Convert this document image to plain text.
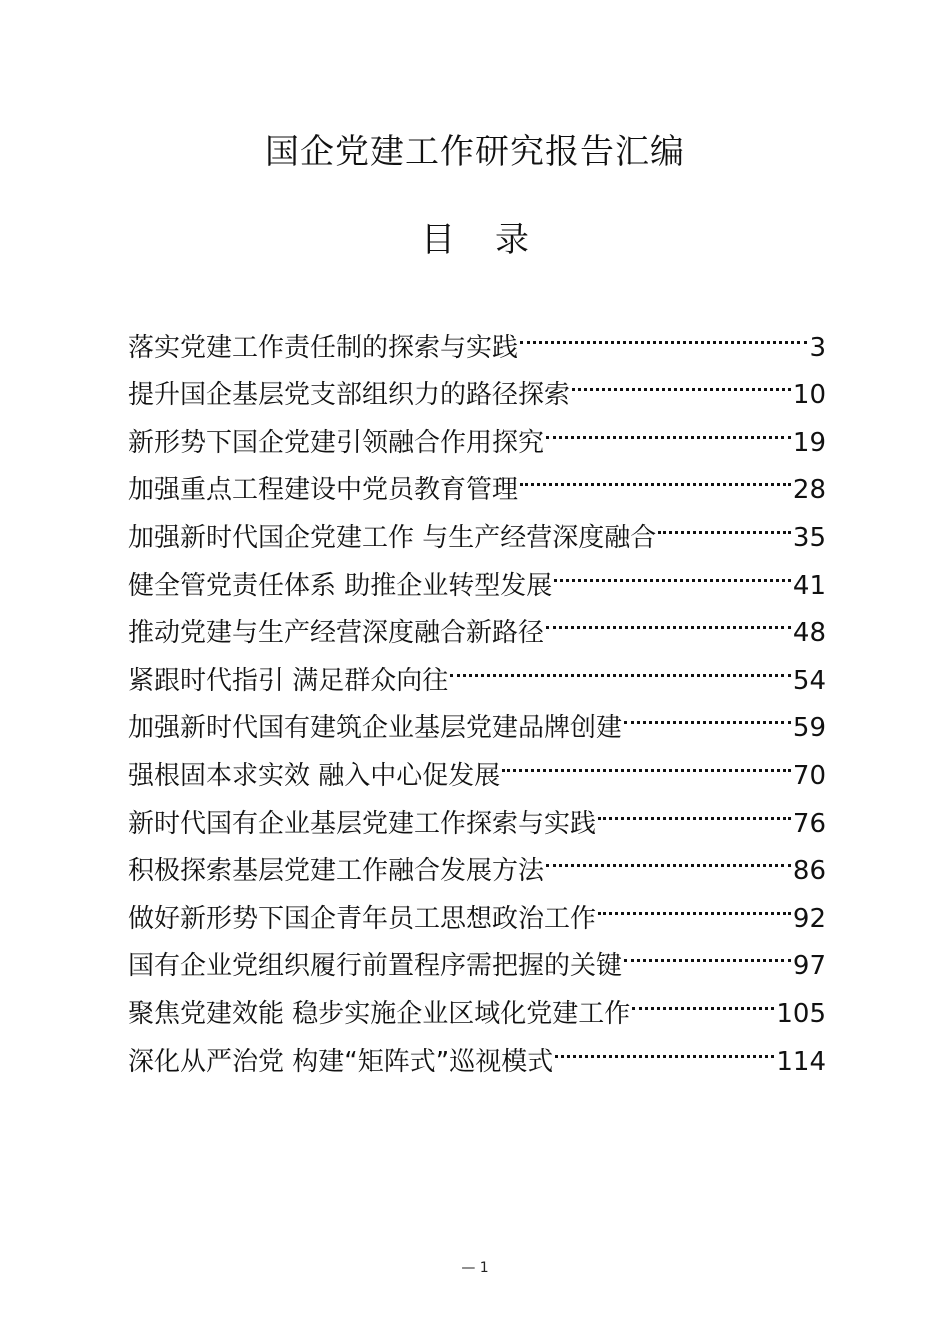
国企党建工作研究报告汇编
目 录
落实党建工作责任制的探索与实践	3
提升国企基层党支部组织力的路径探索	10
新形势下国企党建引领融合作用探究	19
加强重点工程建设中党员教育管理	28
加强新时代国企党建工作 与生产经营深度融合	35
健全管党责任体系 助推企业转型发展	41
推动党建与生产经营深度融合新路径	48
紧跟时代指引 满足群众向往	54
加强新时代国有建筑企业基层党建品牌创建	59
强根固本求实效 融入中心促发展	70
新时代国有企业基层党建工作探索与实践	76
积极探索基层党建工作融合发展方法	86
做好新形势下国企青年员工思想政治工作	92
国有企业党组织履行前置程序需把握的关键	97
聚焦党建效能 稳步实施企业区域化党建工作	105
深化从严治党 构建“矩阵式”巡视模式	114
— 1
